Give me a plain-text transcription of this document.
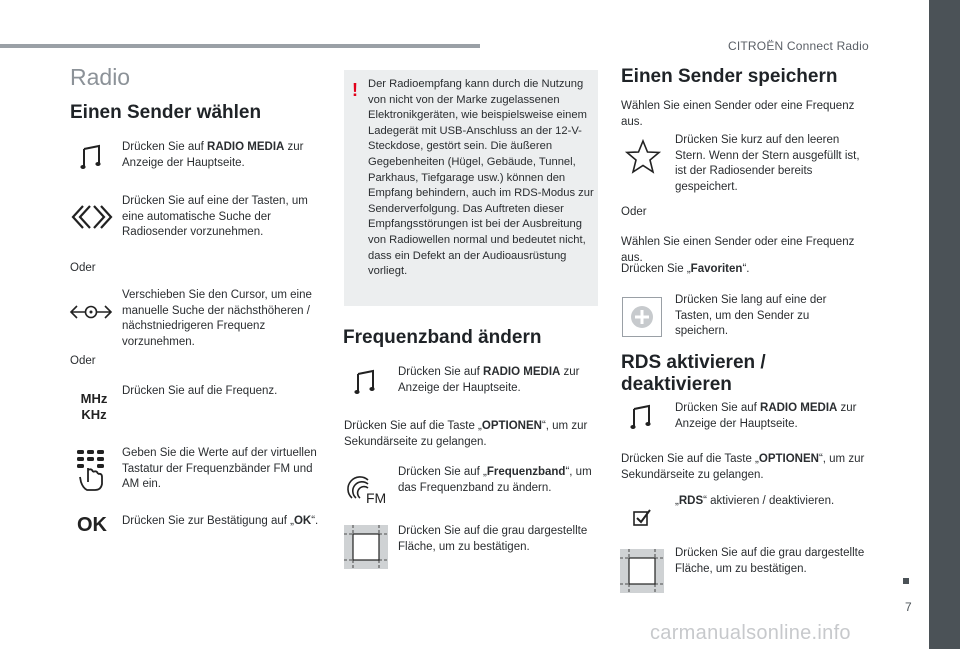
CITROËN Connect Radio
7
carmanualsonline.info
Radio
Einen Sender wählen
Drücken Sie auf RADIO MEDIA zur Anzeige der Hauptseite.
Drücken Sie auf eine der Tasten, um eine automatische Suche der Radiosender vorzunehmen.
Oder
Verschieben Sie den Cursor, um eine manuelle Suche der nächsthöheren / nächstniedrigeren Frequenz vorzunehmen.
Oder
MHz
KHz
Drücken Sie auf die Frequenz.
Geben Sie die Werte auf der virtuellen Tastatur der Frequenzbänder FM und AM ein.
OK	Drücken Sie zur Bestätigung auf „OK“.
! Der Radioempfang kann durch die Nutzung von nicht von der Marke zugelassenen Elektronikgeräten, wie beispielsweise einem Ladegerät mit USB-Anschluss an der 12-V-Steckdose, gestört sein. Die äußeren Gegebenheiten (Hügel, Gebäude, Tunnel, Parkhaus, Tiefgarage usw.) können den Empfang behindern, auch im RDS-Modus zur Senderverfolgung. Das Auftreten dieser Empfangsstörungen ist bei der Ausbreitung von Radiowellen normal und bedeutet nicht, dass ein Defekt an der Audioausrüstung vorliegt.
Frequenzband ändern
Drücken Sie auf RADIO MEDIA zur Anzeige der Hauptseite.
Drücken Sie auf die Taste „OPTIONEN“, um zur Sekundärseite zu gelangen.
FM
Drücken Sie auf „Frequenzband“, um das Frequenzband zu ändern.
Drücken Sie auf die grau dargestellte Fläche, um zu bestätigen.
Einen Sender speichern
Wählen Sie einen Sender oder eine Frequenz aus.
Drücken Sie kurz auf den leeren Stern. Wenn der Stern ausgefüllt ist, ist der Radiosender bereits gespeichert.
Oder
Wählen Sie einen Sender oder eine Frequenz aus.
Drücken Sie „Favoriten“.
Drücken Sie lang auf eine der Tasten, um den Sender zu speichern.
RDS aktivieren / deaktivieren
Drücken Sie auf RADIO MEDIA zur Anzeige der Hauptseite.
Drücken Sie auf die Taste „OPTIONEN“, um zur Sekundärseite zu gelangen.
„RDS“ aktivieren / deaktivieren.
Drücken Sie auf die grau dargestellte Fläche, um zu bestätigen.
